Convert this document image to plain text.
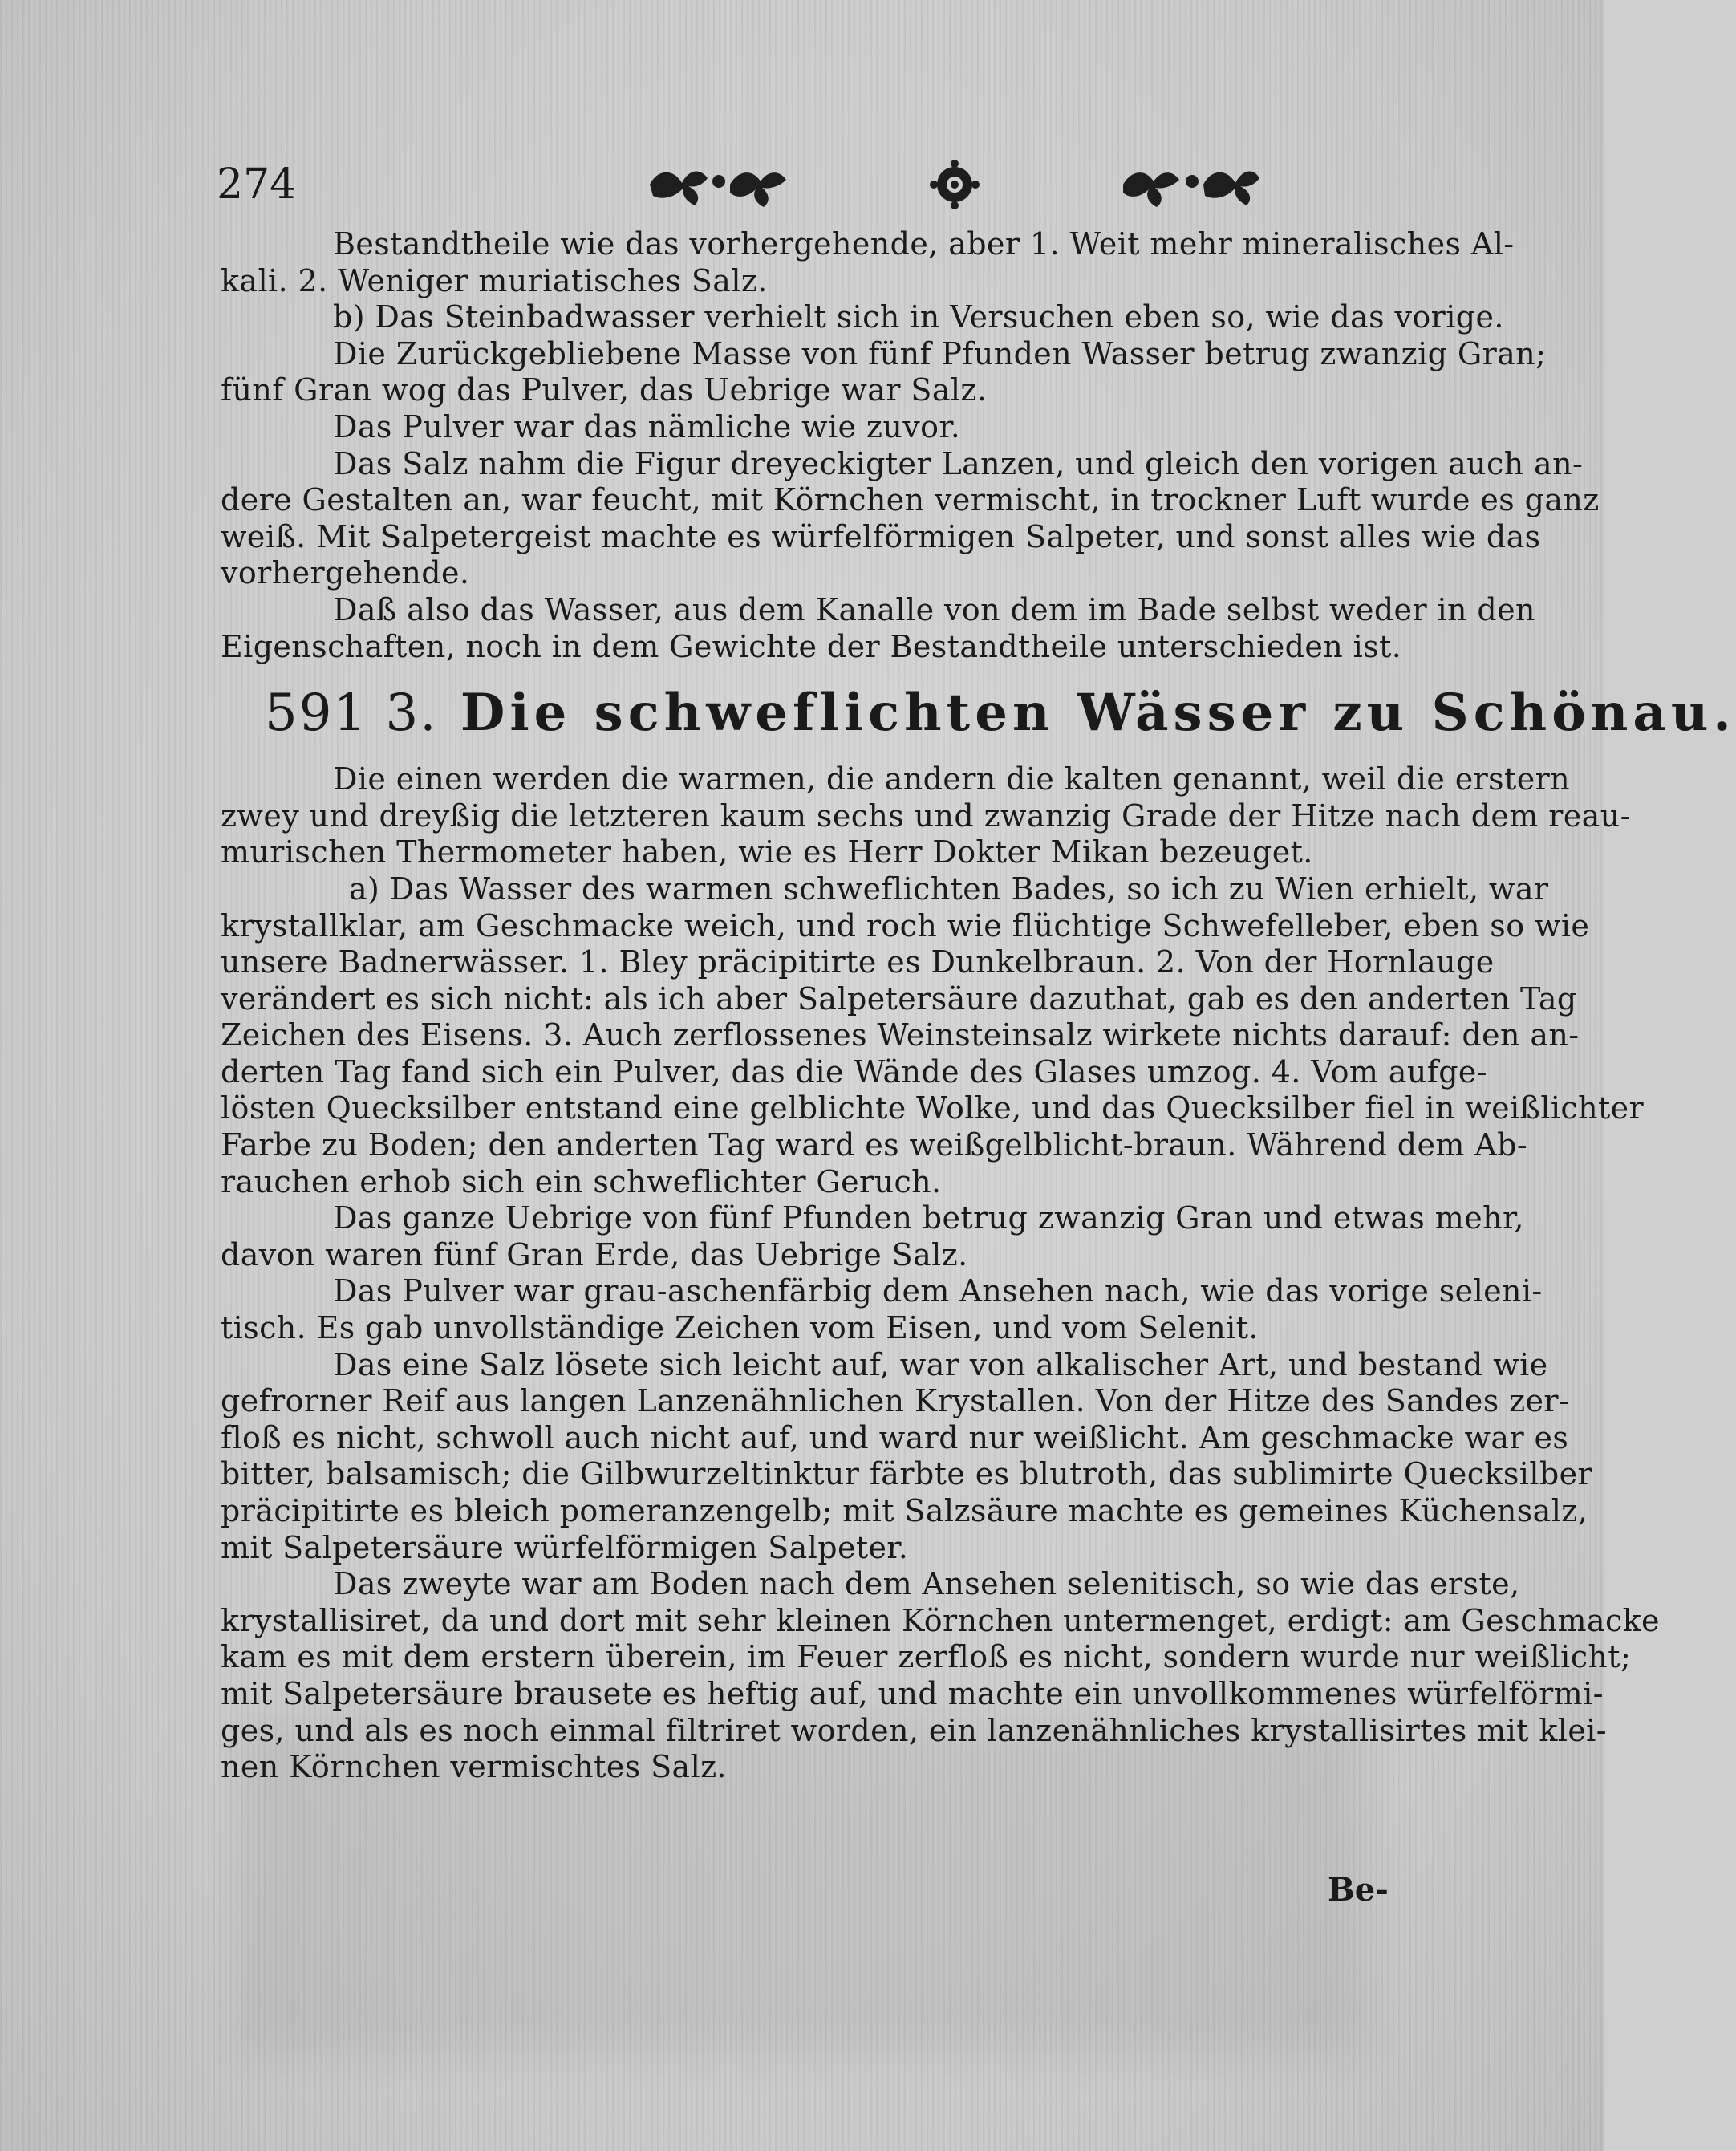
274
Bestandtheile wie das vorhergehende, aber 1. Weit mehr mineralisches Al-
kali. 2. Weniger muriatisches Salz.
b) Das Steinbadwasser verhielt sich in Versuchen eben so, wie das vorige.
Die Zurückgebliebene Masse von fünf Pfunden Wasser betrug zwanzig Gran;
fünf Gran wog das Pulver, das Uebrige war Salz.
Das Pulver war das nämliche wie zuvor.
Das Salz nahm die Figur dreyeckigter Lanzen, und gleich den vorigen auch an-
dere Gestalten an, war feucht, mit Körnchen vermischt, in trockner Luft wurde es ganz
weiß. Mit Salpetergeist machte es würfelförmigen Salpeter, und sonst alles wie das
vorhergehende.
Daß also das Wasser, aus dem Kanalle von dem im Bade selbst weder in den
Eigenschaften, noch in dem Gewichte der Bestandtheile unterschieden ist.
591 3. Die schweflichten Wässer zu Schönau.
Die einen werden die warmen, die andern die kalten genannt, weil die erstern
zwey und dreyßig die letzteren kaum sechs und zwanzig Grade der Hitze nach dem reau-
murischen Thermometer haben, wie es Herr Dokter Mikan bezeuget.
a) Das Wasser des warmen schweflichten Bades, so ich zu Wien erhielt, war
krystallklar, am Geschmacke weich, und roch wie flüchtige Schwefelleber, eben so wie
unsere Badnerwässer. 1. Bley präcipitirte es Dunkelbraun. 2. Von der Hornlauge
verändert es sich nicht: als ich aber Salpetersäure dazuthat, gab es den anderten Tag
Zeichen des Eisens. 3. Auch zerflossenes Weinsteinsalz wirkete nichts darauf: den an-
derten Tag fand sich ein Pulver, das die Wände des Glases umzog. 4. Vom aufge-
lösten Quecksilber entstand eine gelblichte Wolke, und das Quecksilber fiel in weißlichter
Farbe zu Boden; den anderten Tag ward es weißgelblicht-braun. Während dem Ab-
rauchen erhob sich ein schweflichter Geruch.
Das ganze Uebrige von fünf Pfunden betrug zwanzig Gran und etwas mehr,
davon waren fünf Gran Erde, das Uebrige Salz.
Das Pulver war grau-aschenfärbig dem Ansehen nach, wie das vorige seleni-
tisch. Es gab unvollständige Zeichen vom Eisen, und vom Selenit.
Das eine Salz lösete sich leicht auf, war von alkalischer Art, und bestand wie
gefrorner Reif aus langen Lanzenähnlichen Krystallen. Von der Hitze des Sandes zer-
floß es nicht, schwoll auch nicht auf, und ward nur weißlicht. Am geschmacke war es
bitter, balsamisch; die Gilbwurzeltinktur färbte es blutroth, das sublimirte Quecksilber
präcipitirte es bleich pomeranzengelb; mit Salzsäure machte es gemeines Küchensalz,
mit Salpetersäure würfelförmigen Salpeter.
Das zweyte war am Boden nach dem Ansehen selenitisch, so wie das erste,
krystallisiret, da und dort mit sehr kleinen Körnchen untermenget, erdigt: am Geschmacke
kam es mit dem erstern überein, im Feuer zerfloß es nicht, sondern wurde nur weißlicht;
mit Salpetersäure brausete es heftig auf, und machte ein unvollkommenes würfelförmi-
ges, und als es noch einmal filtriret worden, ein lanzenähnliches krystallisirtes mit klei-
nen Körnchen vermischtes Salz.
Be-
